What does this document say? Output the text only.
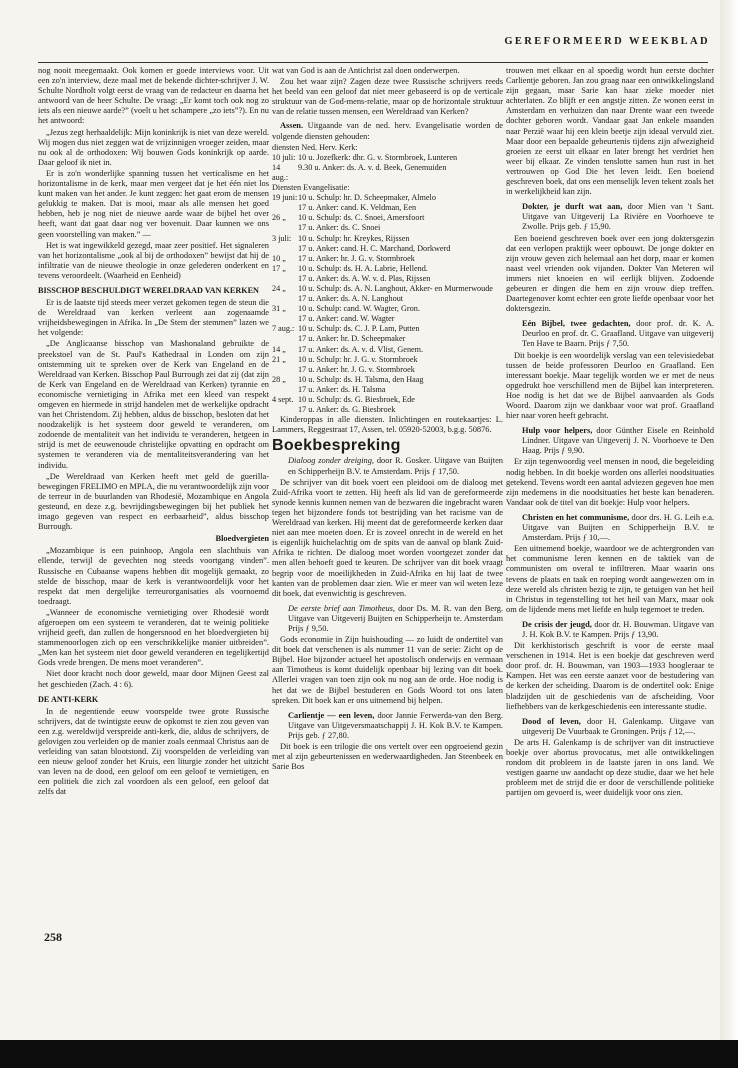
GEREFORMEERD WEEKBLAD

nog nooit meegemaakt. Ook komen er goede interviews voor. Uit een zo'n interview, deze maal met de bekende dichter-schrijver J. W. Schulte Nordholt volgt eerst de vraag van de redacteur en daarna het antwoord van de heer Schulte. De vraag: „Er komt toch ook nog zo iets als een nieuwe aarde?” (voelt u het schampere „zo iets”?). En nu het antwoord:

„Jezus zegt herhaaldelijk: Mijn koninkrijk is niet van deze wereld. Wij mogen dus niet zeggen wat de vrijzinnigen vroeger zeiden, maar nu ook al de orthodoxen: Wij bouwen Gods koninkrijk op aarde. Daar geloof ik niet in.

Er is zo'n wonderlijke spanning tussen het verticalisme en het horizontalisme in de kerk, maar men vergeet dat je het één niet los kunt maken van het ander. Je kunt zeggen: het gaat erom de mensen gelukkig te maken. Dat is mooi, maar als alle mensen het goed hebben, heb je nog niet de nieuwe aarde waar de bijbel het over heeft, want dat gaat daar nog ver bovenuit. Daar kunnen we ons geen voorstelling van maken.” —

Het is wat ingewikkeld gezegd, maar zeer positief. Het signaleren van het horizontalisme „ook al bij de orthodoxen” bewijst dat hij de infiltratie van de nieuwe theologie in onze gelederen onderkent en tevens veroordeelt. (Waarheid en Eenheid)

BISSCHOP BESCHULDIGT WERELDRAAD VAN KERKEN

Er is de laatste tijd steeds meer verzet gekomen tegen de steun die de Wereldraad van kerken verleent aan zogenaamde vrijheidsbewegingen in Afrika. In „De Stem der stemmen” lazen we het volgende:

„De Anglicaanse bisschop van Mashonaland gebruikte de preekstoel van de St. Paul's Kathedraal in Londen om zijn ontstemming uit te spreken over de Kerk van Engeland en de Wereldraad van Kerken. Bisschop Paul Burrough zei dat zij (dat zijn de Kerk van Engeland en de Wereldraad van Kerken) tyrannie en economische vernietiging in Afrika met een kleed van respekt omgeven en hiermede in strijd handelen met de werkelijke opdracht van het Christendom. Zij hebben, aldus de bisschop, besloten dat het noodzakelijk is het systeem door geweld te veranderen, om zodoende de mentaliteit van het individu te veranderen, hetgeen in strijd is met de eeuwenoude christelijke opvatting en opdracht om systemen te veranderen via de mentaliteitsverandering van het individu.

„De Wereldraad van Kerken heeft met geld de guerilla-bewegingen FRELIMO en MPLA, die nu verantwoordelijk zijn voor de terreur in de buurlanden van Rhodesië, Mozambique en Angola gesteund, en deze z.g. bevrijdingsbewegingen bij het publiek het imago gegeven van respect en eerbaarheid”, aldus bisschop Burrough.

Bloedvergieten

„Mozambique is een puinhoop, Angola een slachthuis van ellende, terwijl de gevechten nog steeds voortgang vinden”. Russische en Cubaanse wapens hebben dit mogelijk gemaakt, zo stelde de bisschop, maar de kerk is verantwoordelijk voor het respekt dat men dergelijke terreurorganisaties als voornoemd toedraagt.

„Wanneer de economische vernietiging over Rhodesië wordt afgeroepen om een systeem te veranderen, dat te weinig politieke vrijheid geeft, dan zullen de hongersnood en het bloedvergieten bij stammenoorlogen zich op een verschrikkelijke manier uitbreiden”. „Men kan het systeem niet door geweld veranderen en tegelijkertijd Gods vrede brengen. De mens moet veranderen”.

Niet door kracht noch door geweld, maar door Mijnen Geest zal het geschieden (Zach. 4 : 6).

DE ANTI-KERK

In de negentiende eeuw voorspelde twee grote Russische schrijvers, dat de twintigste eeuw de opkomst te zien zou geven van een z.g. wereldwijd verspreide anti-kerk, die, aldus de schrijvers, de gelovigen zou verleiden op de manier zoals eenmaal Christus aan de verleiding van satan blootstond. Zij voorspelden de verleiding van een nieuw geloof zonder het Kruis, een liturgie zonder het uitzicht van leven na de dood, een geloof om een geloof te vernietigen, en een politiek die zich zal voordoen als een geloof, een geloof dat zelfs dat

wat van God is aan de Antichrist zal doen onderwerpen.

Zou het waar zijn? Zagen deze twee Russische schrijvers reeds het beeld van een geloof dat niet meer gebaseerd is op de verticale struktuur van de God-mens-relatie, maar op de horizontale struktuur van de relatie tussen mensen, een Wereldraad van Kerken?

Assen. Uitgaande van de ned. herv. Evangelisatie worden de volgende diensten gehouden:

diensten Ned. Herv. Kerk:
10 juli: 10 u. Jozefkerk: dhr. G. v. Stormbroek, Lunteren
14 aug.:
9.30 u. Anker: ds. A. v. d. Beek, Genemuiden
Diensten Evangelisatie:
19 juni: 10 u. Schulp: hr. D. Scheepmaker, Almelo
17 u. Anker: cand. K. Veldman, Een
26 „	10 u. Schulp: ds. C. Snoei, Amersfoort
17 u. Anker: ds. C. Snoei
3 juli: 10 u. Schulp: hr. Kreykes, Rijssen
17 u. Anker: cand. H. C. Marchand, Dorkwerd
10 „	17 u. Anker: hr. J. G. v. Stormbroek
17 „	10 u. Schulp: ds. H. A. Labrie, Hellend.
17 u. Anker: ds. A. W. v. d. Plas, Rijssen
24 „	10 u. Schulp: ds. A. N. Langhout, Akker- en Murmerwoude
17 u. Anker: ds. A. N. Langhout
31 „	10 u. Schulp: cand. W. Wagter, Gron.
17 u. Anker: cand. W. Wagter
7 aug.: 10 u. Schulp: ds. C. J. P. Lam, Putten
17 u. Anker: hr. D. Scheepmaker
14 „	17 u. Anker: ds. A. v. d. Vlist, Genem.
21 „	10 u. Schulp: hr. J. G. v. Stormbroek
17 u. Anker: hr. J. G. v. Stormbroek
28 „	10 u. Schulp: ds. H. Talsma, den Haag
17 u. Anker: ds. H. Talsma
4 sept. 10 u. Schulp: ds. G. Biesbroek, Ede
17 u. Anker: ds. G. Biesbroek

Kinderoppas in alle diensten. Inlichtingen en routekaartjes: L. Lammers, Reggestraat 17, Assen, tel. 05920-52003, b.g.g. 50876.

Boekbespreking
Dialoog zonder dreiging, door R. Gosker. Uitgave van Buijten en Schipperheijn B.V. te Amsterdam. Prijs ƒ 17,50.

De schrijver van dit boek voert een pleidooi om de dialoog met Zuid-Afrika voort te zetten. Hij heeft als lid van de gereformeerde synode kennis kunnen nemen van de bezwaren die ingebracht waren tegen het bijzondere fonds tot bestrijding van het racisme van de Wereldraad van kerken. Hij meent dat de gereformeerde kerken daar niet aan mee moeten doen. Er is zoveel onrecht in de wereld en het is eigenlijk huichelachtig om de spits van de aanval op blank Zuid-Afrika te richten. De dialoog moet worden voortgezet zonder dat men allen behoeft goed te keuren. De schrijver van dit boek vraagt begrip voor de moeilijkheden in Zuid-Afrika en hij laat de twee kanten van de problemen daar zien. Wie er meer van wil weten leze dit boek, dat evenwichtig is geschreven.

De eerste brief aan Timotheus, door Ds. M. R. van den Berg. Uitgave van Uitgeverij Buijten en Schipperheijn te. Amsterdam Prijs ƒ 9,50.

Gods economie in Zijn huishouding — zo luidt de ondertitel van dit boek dat verschenen is als nummer 11 van de serie: Zicht op de Bijbel. Hoe bijzonder actueel het apostolisch onderwijs en vermaan aan Timotheus is komt duidelijk openbaar bij lezing van dit boek. Allerlei vragen van toen zijn ook nu nog aan de orde. Hoe nodig is het dat we de Bijbel bestuderen en Gods Woord tot ons laten spreken. Dit boek kan er ons uitnemend bij helpen.

Carlientje — een leven, door Jannie Ferwerda-van den Berg. Uitgave van Uitgeversmaatschappij J. H. Kok B.V. te Kampen. Prijs geb. ƒ 27,80.

Dit boek is een trilogie die ons vertelt over een opgroeiend gezin met al zijn gebeurtenissen en wederwaardigheden. Jan Steenbeek en Sarie Bos

trouwen met elkaar en al spoedig wordt hun eerste dochter Carlientje geboren. Jan zou graag naar een ontwikkelingsland zijn gegaan, maar Sarie kan haar zieke moeder niet achterlaten. Zo blijft er een angstje zitten. Ze wonen eerst in Amsterdam en verhuizen dan naar Drente waar een tweede dochter geboren wordt. Vandaar gaat Jan enkele maanden naar Perzië waar hij een klein beetje zijn ideaal vervuld ziet. Maar door een bepaalde gebeurtenis tijdens zijn afwezigheid groeien ze eerst uit elkaar en later brengt het verdriet hen weer bij elkaar. Ze vinden tenslotte samen hun rust in het vertrouwen op God Die het leven leidt. Een boeiend geschreven boek, dat ons een menselijk leven tekent zoals het in werkelijkheid kan zijn.

Dokter, je durft wat aan, door Mien van 't Sant. Uitgave van Uitgeverij La Rivière en Voorhoeve te Zwolle. Prijs geb. ƒ 15,90.

Een boeiend geschreven boek over een jong doktersgezin dat een verlopen praktijk weer opbouwt. De jonge dokter en zijn vrouw geven zich helemaal aan het dorp, maar er komen naast veel vrienden ook vijanden. Dokter Van Meteren wil immers niet knoeien en wil eerlijk blijven. Zodoende gebeuren er dingen die hem en zijn vrouw diep treffen. Daartegenover komt echter een grote liefde openbaar voor het doktersgezin.

Eén Bijbel, twee gedachten, door prof. dr. K. A. Deurloo en prof. dr. C. Graafland. Uitgave van uitgeverij Ten Have te Baarn. Prijs ƒ 7,50.

Dit boekje is een woordelijk verslag van een televisiedebat tussen de beide professoren Deurloo en Graafland. Een interessant boekje. Maar tegelijk worden we er met de neus opgedrukt hoe verschillend men de Bijbel kan interpreteren. Hoe nodig is het dat we de Bijbel aanvaarden als Gods Woord. Daarom zijn we dankbaar voor wat prof. Graafland hier naar voren heeft gebracht.

Hulp voor helpers, door Günther Eisele en Reinhold Lindner. Uitgave van Uitgeverij J. N. Voorhoeve te Den Haag. Prijs ƒ 9,90.

Er zijn tegenwoordig veel mensen in nood, die begeleiding nodig hebben. In dit boekje worden ons allerlei noodsituaties getekend. Tevens wordt een aantal adviezen gegeven hoe men zijn medemens in die noodsituaties het beste kan benaderen. Vandaar ook de titel van dit boekje: Hulp voor helpers.

Christen en het communisme, door drs. H. G. Leih e.a. Uitgave van Buijten en Schipperheijn B.V. te Amsterdam. Prijs ƒ 10,—.

Een uitnemend boekje, waardoor we de achtergronden van het communisme leren kennen en de taktiek van de communisten om overal te infiltreren. Maar waarin ons tevens de plaats en taak en roeping wordt aangewezen om in deze wereld als christen bezig te zijn, te getuigen van het heil in Christus in tegenstelling tot het heil van Marx, maar ook om de lijdende mens met liefde en hulp tegemoet te treden.

De crisis der jeugd, door dr. H. Bouwman. Uitgave van J. H. Kok B.V. te Kampen. Prijs ƒ 13,90.

Dit kerkhistorisch geschrift is voor de eerste maal verschenen in 1914. Het is een boekje dat geschreven werd door prof. dr. H. Bouwman, van 1903—1933 hoogleraar te Kampen. Het was een eerste aanzet voor de bestudering van de kerken der scheiding. Daarom is de ondertitel ook: Enige bladzijden uit de geschiedenis van de afscheiding. Voor liefhebbers van de kerkgeschiedenis een interessante studie.

Dood of leven, door H. Galenkamp. Uitgave van uitgeverij De Vuurbaak te Groningen. Prijs ƒ 12,—.

De arts H. Galenkamp is de schrijver van dit instructieve boekje over abortus provocatus, met alle ontwikkelingen rondom dit probleem in de laatste jaren in ons land. We vestigen gaarne uw aandacht op deze studie, daar we het hele probleem met de strijd die er door de verschillende politieke partijen om gevoerd is, weer duidelijk voor ons zien.

258
